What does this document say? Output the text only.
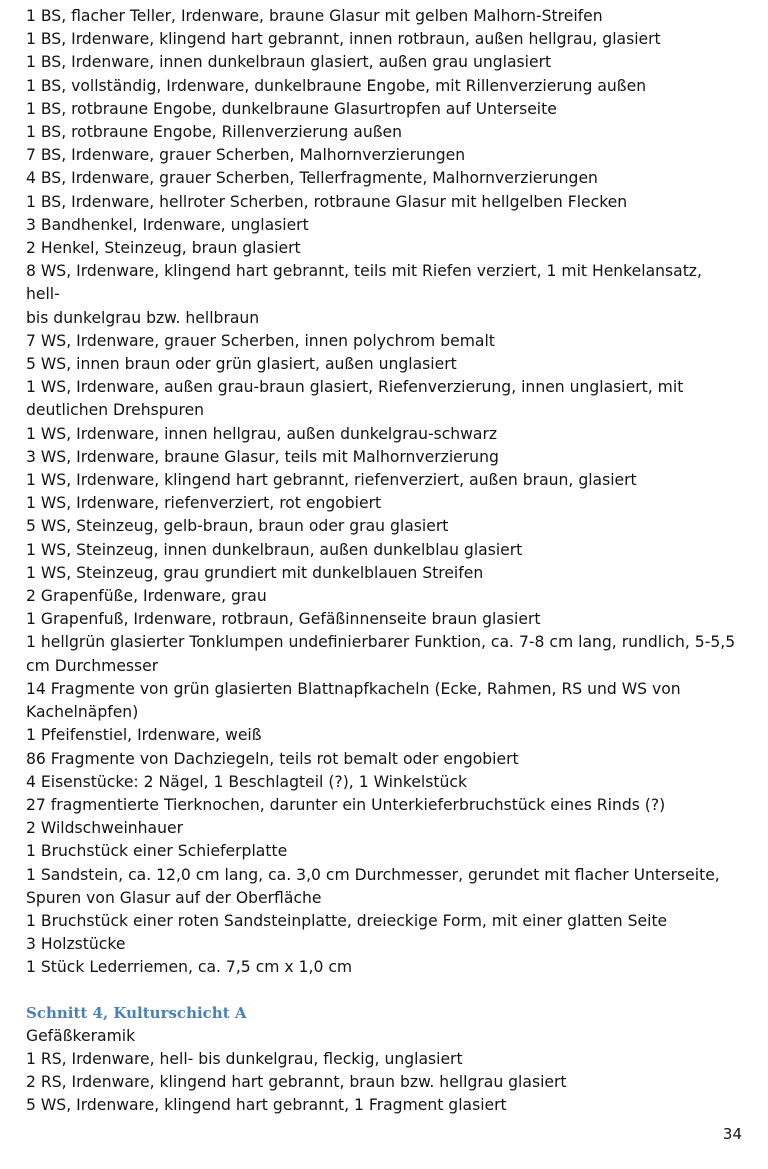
1 BS, flacher Teller, Irdenware, braune Glasur mit gelben Malhorn-Streifen
1 BS, Irdenware, klingend hart gebrannt, innen rotbraun, außen hellgrau, glasiert
1 BS, Irdenware, innen dunkelbraun glasiert, außen grau unglasiert
1 BS, vollständig, Irdenware, dunkelbraune Engobe, mit Rillenverzierung außen
1 BS, rotbraune Engobe, dunkelbraune Glasurtropfen auf Unterseite
1 BS, rotbraune Engobe, Rillenverzierung außen
7 BS, Irdenware, grauer Scherben, Malhornverzierungen
4 BS, Irdenware, grauer Scherben, Tellerfragmente, Malhornverzierungen
1 BS, Irdenware, hellroter Scherben, rotbraune Glasur mit hellgelben Flecken
3 Bandhenkel, Irdenware, unglasiert
2 Henkel, Steinzeug, braun glasiert
8 WS, Irdenware, klingend hart gebrannt, teils mit Riefen verziert, 1 mit Henkelansatz, hell-
bis dunkelgrau bzw. hellbraun
7 WS, Irdenware, grauer Scherben, innen polychrom bemalt
5 WS, innen braun oder grün glasiert, außen unglasiert
1 WS, Irdenware, außen grau-braun glasiert, Riefenverzierung, innen unglasiert, mit
deutlichen Drehspuren
1 WS, Irdenware, innen hellgrau, außen dunkelgrau-schwarz
3 WS, Irdenware, braune Glasur, teils mit Malhornverzierung
1 WS, Irdenware, klingend hart gebrannt, riefenverziert, außen braun, glasiert
1 WS, Irdenware, riefenverziert, rot engobiert
5 WS, Steinzeug, gelb-braun, braun oder grau glasiert
1 WS, Steinzeug, innen dunkelbraun, außen dunkelblau glasiert
1 WS, Steinzeug, grau grundiert mit dunkelblauen Streifen
2 Grapenfüße, Irdenware, grau
1 Grapenfuß, Irdenware, rotbraun, Gefäßinnenseite braun glasiert
1 hellgrün glasierter Tonklumpen undefinierbarer Funktion, ca. 7-8 cm lang, rundlich, 5-5,5
cm Durchmesser
14 Fragmente von grün glasierten Blattnapfkacheln (Ecke, Rahmen, RS und WS von
Kachelnäpfen)
1 Pfeifenstiel, Irdenware, weiß
86 Fragmente von Dachziegeln, teils rot bemalt oder engobiert
4 Eisenstücke: 2 Nägel, 1 Beschlagteil (?), 1 Winkelstück
27 fragmentierte Tierknochen, darunter ein Unterkieferbruchstück eines Rinds (?)
2 Wildschweinhauer
1 Bruchstück einer Schieferplatte
1 Sandstein, ca. 12,0 cm lang, ca. 3,0 cm Durchmesser, gerundet mit flacher Unterseite,
Spuren von Glasur auf der Oberfläche
1 Bruchstück einer roten Sandsteinplatte, dreieckige Form, mit einer glatten Seite
3 Holzstücke
1 Stück Lederriemen, ca. 7,5 cm x 1,0 cm
Schnitt 4, Kulturschicht A
Gefäßkeramik
1 RS, Irdenware, hell- bis dunkelgrau, fleckig, unglasiert
2 RS, Irdenware, klingend hart gebrannt, braun bzw. hellgrau glasiert
5 WS, Irdenware, klingend hart gebrannt, 1 Fragment glasiert
34
